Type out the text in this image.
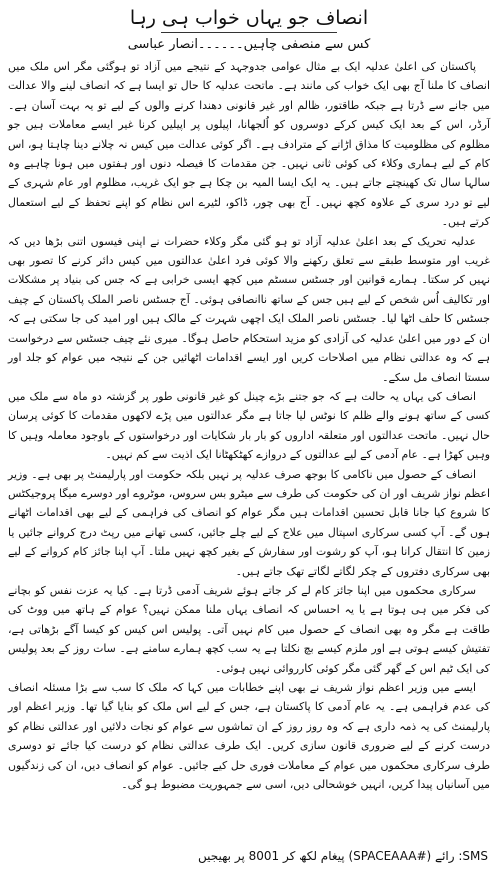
انصاف جو یہاں خواب ہی رہا
کس سے منصفی چاہیں۔۔۔۔۔۔انصار عباسی

پاکستان کی اعلیٰ عدلیہ ایک بے مثال عوامی جدوجہد کے نتیجے میں آزاد تو ہوگئی مگر اس ملک میں انصاف کا ملنا آج بھی ایک خواب کی مانند ہے۔ ماتحت عدلیہ کا حال تو ایسا ہے کہ انصاف لینے والا عدالت میں جانے سے ڈرتا ہے جبکہ طاقتور، ظالم اور غیر قانونی دھندا کرنے والوں کے لیے تو یہ بہت آسان ہے۔ آرڈر، اس کے بعد ایک کیس کرکے دوسروں کو اُلجھانا، اپیلوں پر اپیلیں کرنا غیر ایسے معاملات ہیں جو مظلوم کی مظلومیت کا مذاق اڑانے کے مترادف ہے۔ اگر کوئی عدالت میں کیس نہ چلانے دینا چاہتا ہو، اس کام کے لیے ہماری وکلاء کی کوئی ثانی نہیں۔ جن مقدمات کا فیصلہ دنوں اور ہفتوں میں ہونا چاہیے وہ سالہا سال تک کھینچتے جاتے ہیں۔ یہ ایک ایسا المیہ بن چکا ہے جو ایک غریب، مظلوم اور عام شہری کے لیے تو درد سری کے علاوہ کچھ نہیں۔ آج بھی چور، ڈاکو، لٹیرے اس نظام کو اپنے تحفظ کے لیے استعمال کرتے ہیں۔

عدلیہ تحریک کے بعد اعلیٰ عدلیہ آزاد تو ہو گئی مگر وکلاء حضرات نے اپنی فیسوں اتنی بڑھا دیں کہ غریب اور متوسط طبقے سے تعلق رکھنے والا کوئی فرد اعلیٰ عدالتوں میں کیس دائر کرنے کا تصور بھی نہیں کر سکتا۔ ہمارے قوانین اور جسٹس سسٹم میں کچھ ایسی خرابی ہے کہ جس کی بنیاد پر مشکلات اور تکالیف اُس شخص کے لیے ہیں جس کے ساتھ ناانصافی ہوئی۔ آج جسٹس ناصر الملک پاکستان کے چیف جسٹس کا حلف اٹھا لیا۔ جسٹس ناصر الملک ایک اچھی شہرت کے مالک ہیں اور امید کی جا سکتی ہے کہ ان کے دور میں اعلیٰ عدلیہ کی آزادی کو مزید استحکام حاصل ہوگا۔ میری نئے چیف جسٹس سے درخواست ہے کہ وہ عدالتی نظام میں اصلاحات کریں اور ایسے اقدامات اٹھائیں جن کے نتیجہ میں عوام کو جلد اور سستا انصاف مل سکے۔

انصاف کی یہاں یہ حالت ہے کہ جو جتنے بڑے چینل کو غیر قانونی طور پر گزشتہ دو ماہ سے ملک میں کسی کے ساتھ ہونے والے ظلم کا نوٹس لیا جاتا ہے مگر عدالتوں میں پڑے لاکھوں مقدمات کا کوئی پرسان حال نہیں۔ ماتحت عدالتوں اور متعلقہ اداروں کو بار بار شکایات اور درخواستوں کے باوجود معاملہ وہیں کا وہیں کھڑا ہے۔ عام آدمی کے لیے عدالتوں کے دروازے کھٹکھٹانا ایک اذیت سے کم نہیں۔

انصاف کے حصول میں ناکامی کا بوجھ صرف عدلیہ پر نہیں بلکہ حکومت اور پارلیمنٹ پر بھی ہے۔ وزیر اعظم نواز شریف اور ان کی حکومت کی طرف سے میٹرو بس سروس، موٹروے اور دوسرے میگا پروجیکٹس کا شروع کیا جانا قابل تحسین اقدامات ہیں مگر عوام کو انصاف کی فراہمی کے لیے بھی اقدامات اٹھانے ہوں گے۔ آپ کسی سرکاری اسپتال میں علاج کے لیے چلے جائیں، کسی تھانے میں رپٹ درج کروانے جائیں یا زمین کا انتقال کرانا ہو، آپ کو رشوت اور سفارش کے بغیر کچھ نہیں ملتا۔ آپ اپنا جائز کام کروانے کے لیے بھی سرکاری دفتروں کے چکر لگاتے لگاتے تھک جاتے ہیں۔

سرکاری محکموں میں اپنا جائز کام لے کر جاتے ہوئے شریف آدمی ڈرتا ہے۔ کیا یہ عزت نفس کو بچانے کی فکر میں ہی ہوتا ہے یا یہ احساس کہ انصاف یہاں ملنا ممکن نہیں؟ عوام کے ہاتھ میں ووٹ کی طاقت ہے مگر وہ بھی انصاف کے حصول میں کام نہیں آتی۔ پولیس اس کیس کو کیسا آگے بڑھاتی ہے، تفتیش کیسے ہوتی ہے اور ملزم کیسے بچ نکلتا ہے یہ سب کچھ ہمارے سامنے ہے۔ سات روز کے بعد پولیس کی ایک ٹیم اس کے گھر گئی مگر کوئی کارروائی نہیں ہوئی۔

ایسے میں وزیر اعظم نواز شریف نے بھی اپنے خطابات میں کہا کہ ملک کا سب سے بڑا مسئلہ انصاف کی عدم فراہمی ہے۔ یہ عام آدمی کا پاکستان ہے، جس کے لیے اس ملک کو بنایا گیا تھا۔ وزیر اعظم اور پارلیمنٹ کی یہ ذمہ داری ہے کہ وہ روز روز کے ان تماشوں سے عوام کو نجات دلائیں اور عدالتی نظام کو درست کرنے کے لیے ضروری قانون سازی کریں۔ ایک طرف عدالتی نظام کو درست کیا جائے تو دوسری طرف سرکاری محکموں میں عوام کے معاملات فوری حل کیے جائیں۔ عوام کو انصاف دیں، ان کی زندگیوں میں آسانیاں پیدا کریں، انہیں خوشحالی دیں، اسی سے جمہوریت مضبوط ہو گی۔

SMS: رائے (#SPACEAAA) پیغام لکھ کر 8001 پر بھیجیں
